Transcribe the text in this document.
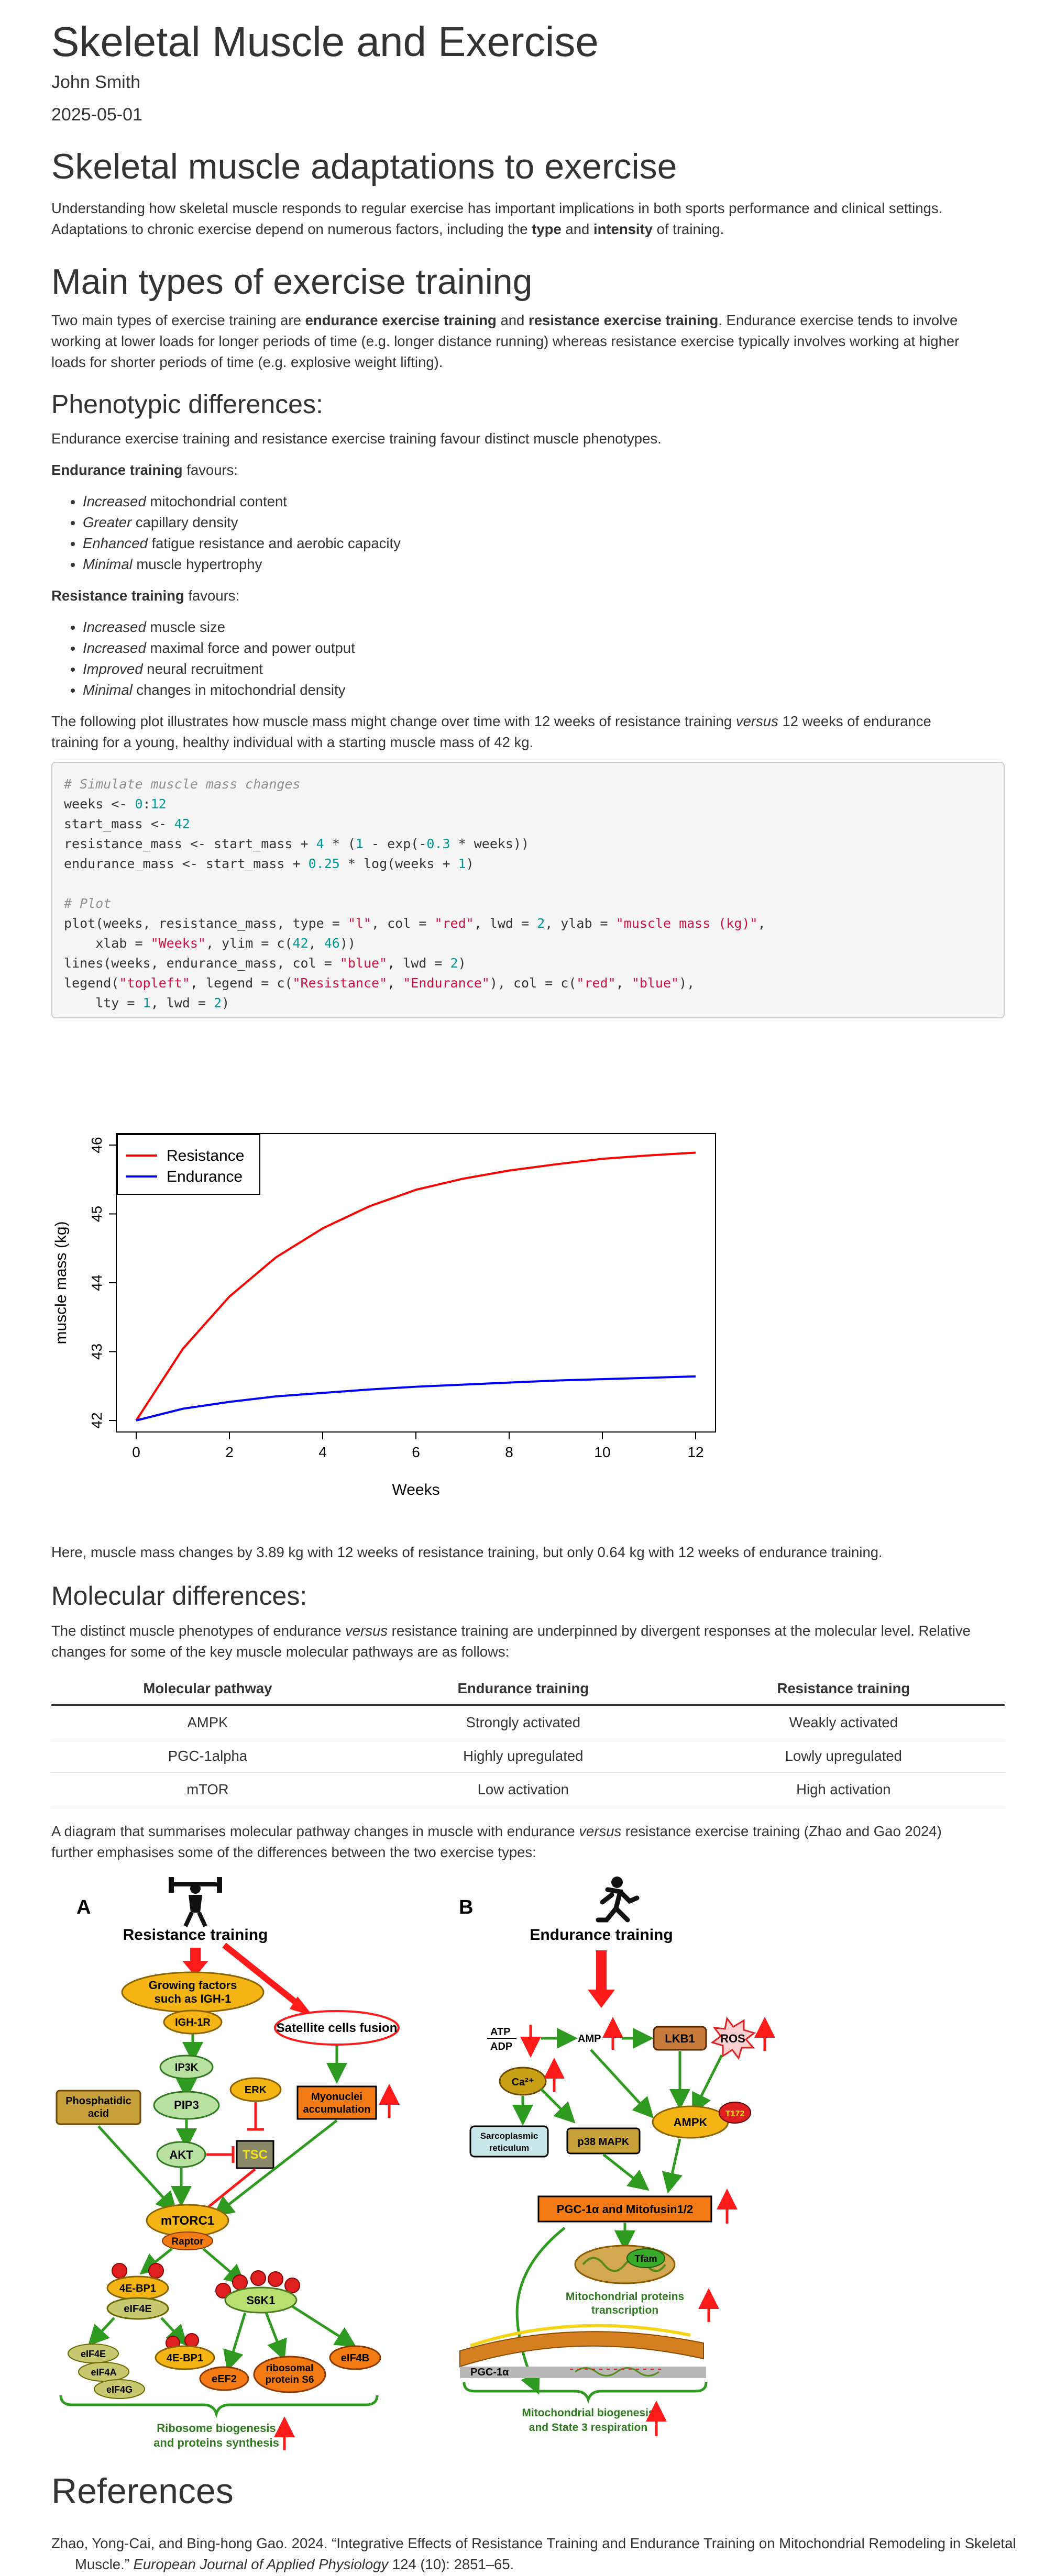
Skeletal Muscle and Exercise
John Smith
2025-05-01
Skeletal muscle adaptations to exercise

Understanding how skeletal muscle responds to regular exercise has important implications in both sports performance and clinical settings.
Adaptations to chronic exercise depend on numerous factors, including the type and intensity of training.

Main types of exercise training

Two main types of exercise training are endurance exercise training and resistance exercise training. Endurance exercise tends to involve
working at lower loads for longer periods of time (e.g. longer distance running) whereas resistance exercise typically involves working at higher
loads for shorter periods of time (e.g. explosive weight lifting).

Phenotypic differences:

Endurance exercise training and resistance exercise training favour distinct muscle phenotypes.

Endurance training favours:

• Increased mitochondrial content
• Greater capillary density
• Enhanced fatigue resistance and aerobic capacity
• Minimal muscle hypertrophy

Resistance training favours:

• Increased muscle size
• Increased maximal force and power output
• Improved neural recruitment
• Minimal changes in mitochondrial density

The following plot illustrates how muscle mass might change over time with 12 weeks of resistance training versus 12 weeks of endurance
training for a young, healthy individual with a starting muscle mass of 42 kg.

# Simulate muscle mass changes
weeks <- 0:12
start_mass <- 42
resistance_mass <- start_mass + 4 * (1 - exp(-0.3 * weeks))
endurance_mass <- start_mass + 0.25 * log(weeks + 1)
# Plot
plot(weeks, resistance_mass, type = "l", col = "red", lwd = 2, ylab = "muscle mass (kg)",
xlab = "Weeks", ylim = c(42, 46))
lines(weeks, endurance_mass, col = "blue", lwd = 2)
legend("topleft", legend = c("Resistance", "Endurance"), col = c("red", "blue"),
lty = 1, lwd = 2)
0	2	4	6	8	10	12
42
43
44
45
46
Weeks
muscle mass (kg)
Resistance
Endurance

Here, muscle mass changes by 3.89 kg with 12 weeks of resistance training, but only 0.64 kg with 12 weeks of endurance training.

Molecular differences:

The distinct muscle phenotypes of endurance versus resistance training are underpinned by divergent responses at the molecular level. Relative
changes for some of the key muscle molecular pathways are as follows:

Molecular pathway	Endurance training	Resistance training
AMPK	Strongly activated	Weakly activated
PGC-1alpha	Highly upregulated	Lowly upregulated
mTOR	Low activation	High activation

A diagram that summarises molecular pathway changes in muscle with endurance versus resistance exercise training (Zhao and Gao 2024)
further emphasises some of the differences between the two exercise types:

A
Resistance training
Growing factors
such as IGH-1
IGH-1R	Satellite cells fusion
IP3K
PIP3
ERK
Myonuclei
accumulation
Phosphatidic
acid
AKT	TSC
mTORC1
Raptor
4E-BP1
eIF4E
S6K1
eIF4E
eIF4A
eIF4G
4E-BP1
eEF2
ribosomal
protein S6
eIF4B
Ribosome biogenesis
and proteins synthesis
B
Endurance training
ATP
ADP
AMP	LKB1 ROS
Ca²⁺
Sarcoplasmic
reticulum
p38 MAPK
AMPK
T172
PGC-1α and Mitofusin1/2
Tfam
Mitochondrial proteins
transcription
PGC-1α
Mitochondrial biogenesis
and State 3 respiration
References

Zhao, Yong-Cai, and Bing-hong Gao. 2024. “Integrative Effects of Resistance Training and Endurance Training on Mitochondrial Remodeling in Skeletal Muscle.” European Journal of Applied Physiology 124 (10): 2851–65.
